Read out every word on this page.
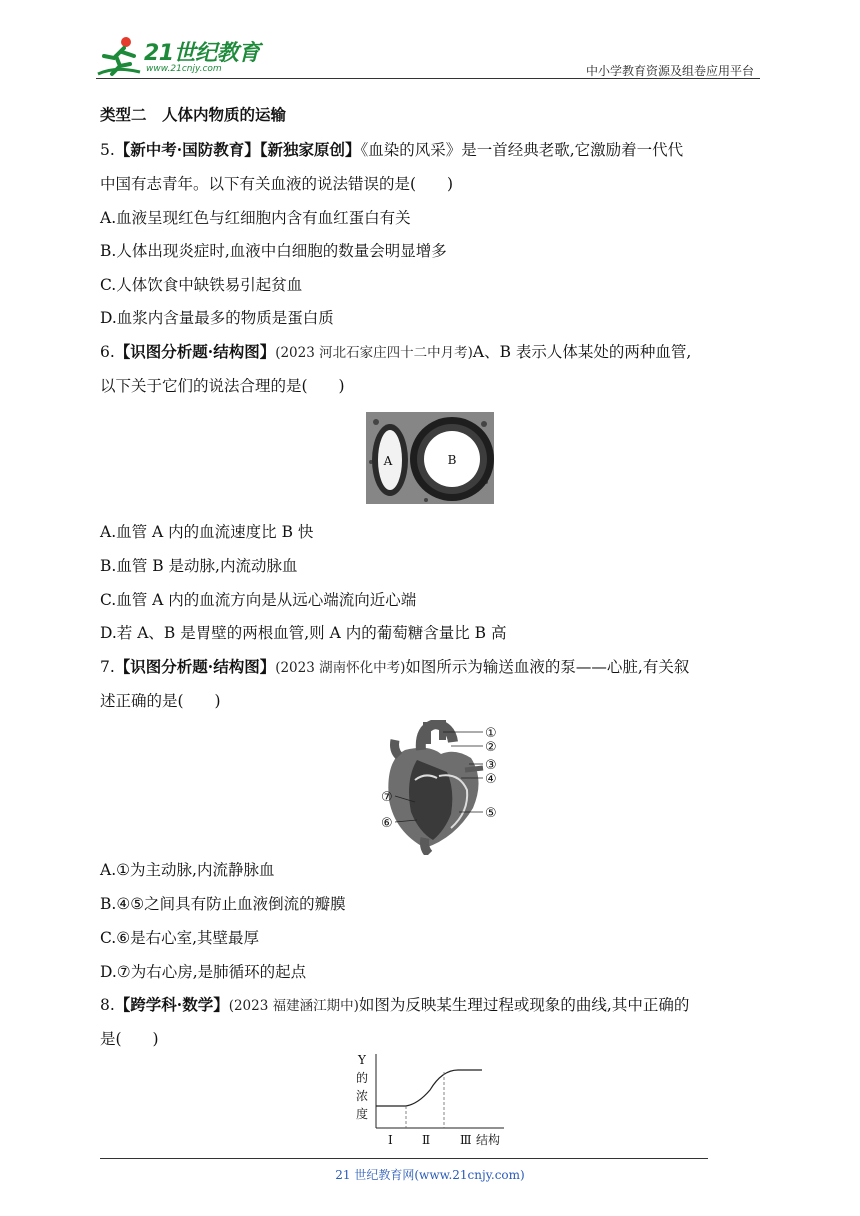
21世纪教育
www.21cnjy.com	中小学教育资源及组卷应用平台
类型二　人体内物质的运输
5.【新中考·国防教育】【新独家原创】《血染的风采》是一首经典老歌,它激励着一代代
中国有志青年。以下有关血液的说法错误的是(　　)
A.血液呈现红色与红细胞内含有血红蛋白有关
B.人体出现炎症时,血液中白细胞的数量会明显增多
C.人体饮食中缺铁易引起贫血
D.血浆内含量最多的物质是蛋白质
6.【识图分析题·结构图】(2023 河北石家庄四十二中月考)A、B 表示人体某处的两种血管,
以下关于它们的说法合理的是(　　)
A	B
A.血管 A 内的血流速度比 B 快
B.血管 B 是动脉,内流动脉血
C.血管 A 内的血流方向是从远心端流向近心端
D.若 A、B 是胃壁的两根血管,则 A 内的葡萄糖含量比 B 高
7.【识图分析题·结构图】(2023 湖南怀化中考)如图所示为输送血液的泵——心脏,有关叙
述正确的是(　　)
①
②
③
④
⑤
⑥
⑦
A.①为主动脉,内流静脉血
B.④⑤之间具有防止血液倒流的瓣膜
C.⑥是右心室,其壁最厚
D.⑦为右心房,是肺循环的起点
8.【跨学科·数学】(2023 福建涵江期中)如图为反映某生理过程或现象的曲线,其中正确的
是(　　)
Y
的
浓
度
Ⅰ Ⅱ Ⅲ 结构
21 世纪教育网(www.21cnjy.com)
